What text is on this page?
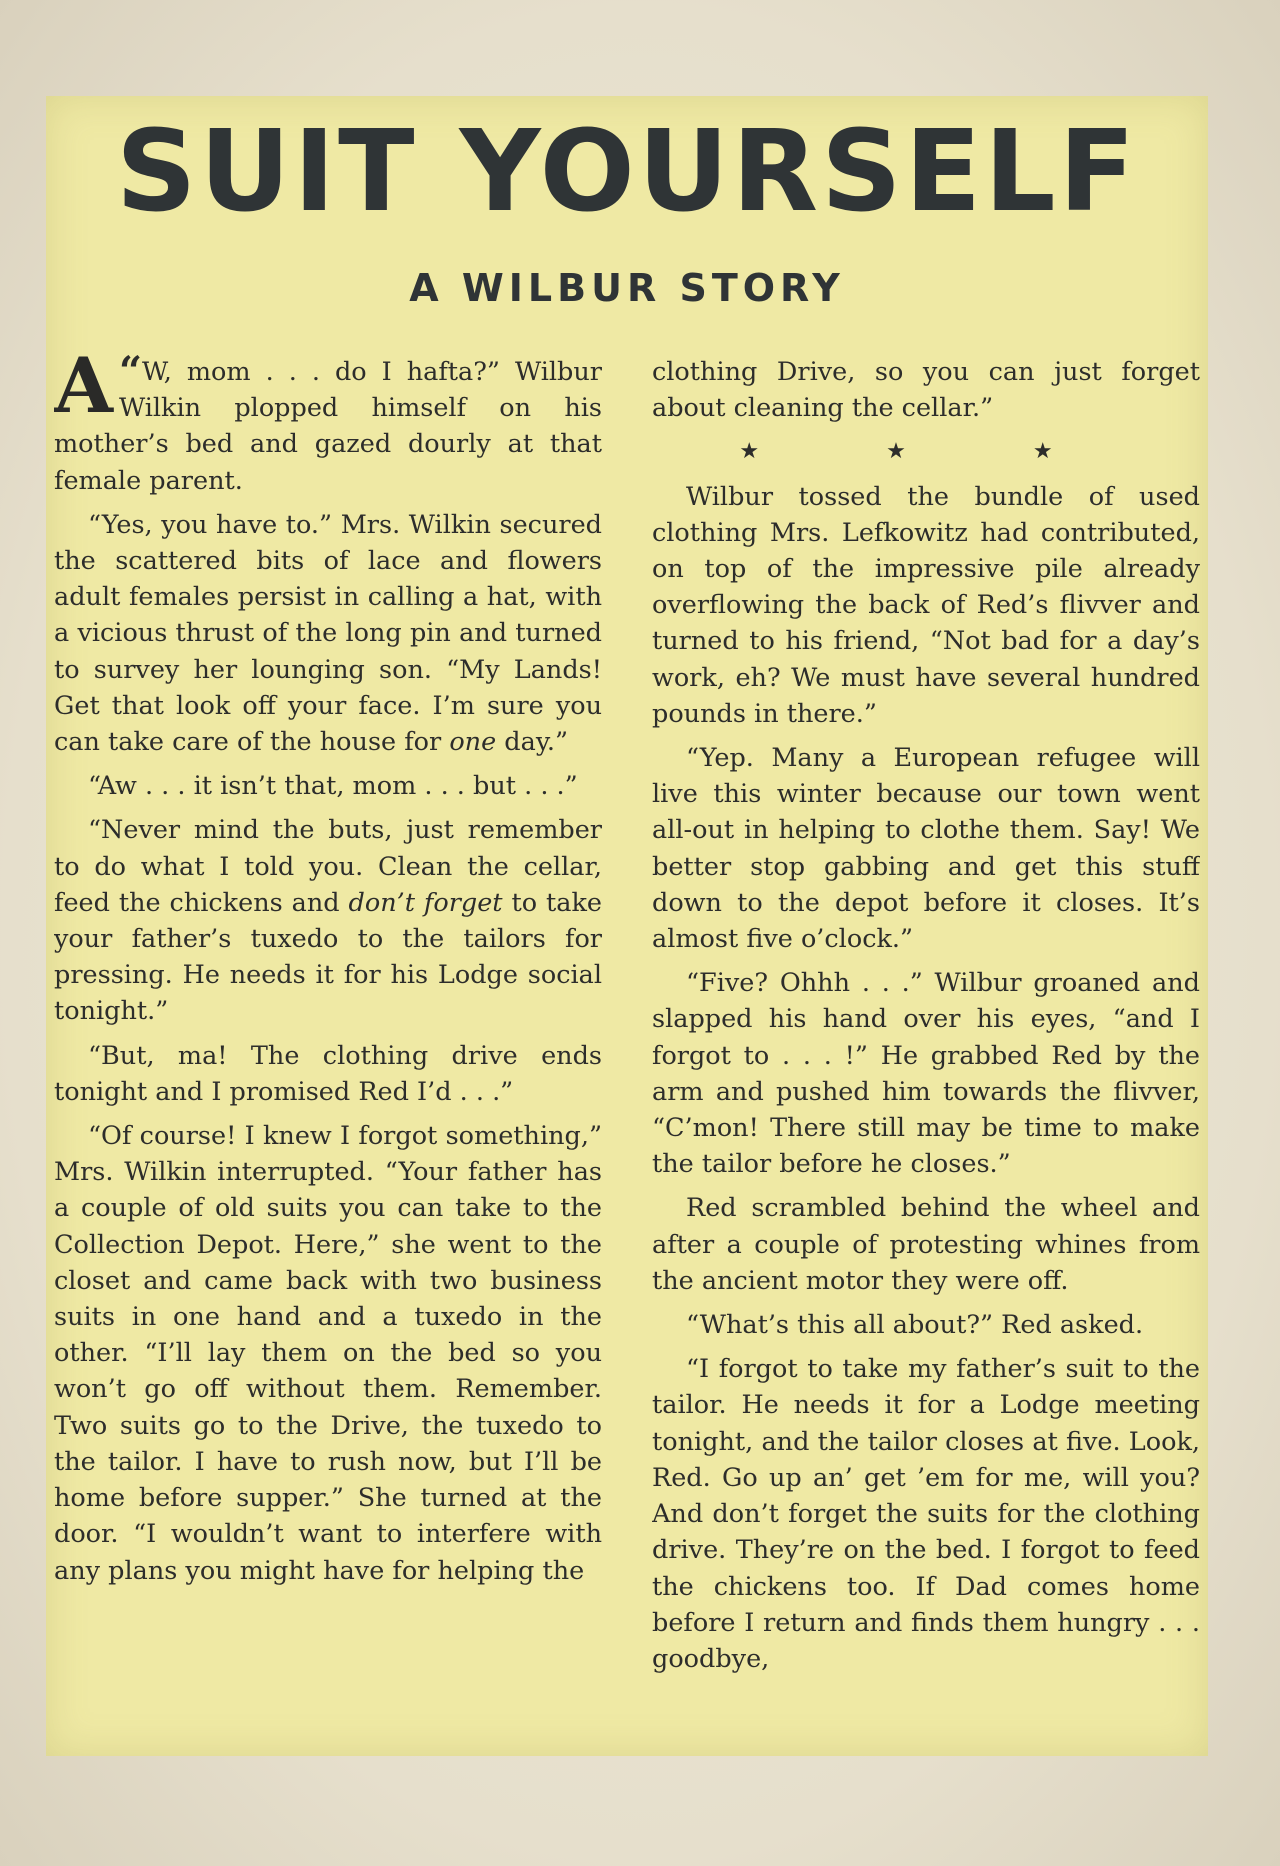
SUIT YOURSELF
A WILBUR STORY

“
A W, mom . . . do I hafta?” Wilbur Wilkin plopped himself on his mother’s bed and gazed dourly at that female parent.

“Yes, you have to.” Mrs. Wilkin secured the scattered bits of lace and flowers adult females persist in calling a hat, with a vicious thrust of the long pin and turned to survey her lounging son. “My Lands! Get that look off your face. I’m sure you can take care of the house for one day.”

“Aw . . . it isn’t that, mom . . . but . . .”

“Never mind the buts, just remember to do what I told you. Clean the cellar, feed the chickens and don’t forget to take your father’s tuxedo to the tailors for pressing. He needs it for his Lodge social tonight.”

“But, ma! The clothing drive ends tonight and I promised Red I’d . . .”

“Of course! I knew I forgot something,” Mrs. Wilkin interrupted. “Your father has a couple of old suits you can take to the Collection Depot. Here,” she went to the closet and came back with two business suits in one hand and a tuxedo in the other. “I’ll lay them on the bed so you won’t go off without them. Remember. Two suits go to the Drive, the tuxedo to the tailor. I have to rush now, but I’ll be home before supper.” She turned at the door. “I wouldn’t want to interfere with any plans you might have for helping the

clothing Drive, so you can just forget about cleaning the cellar.”

★ ★ ★

Wilbur tossed the bundle of used clothing Mrs. Lefkowitz had contributed, on top of the impressive pile already overflowing the back of Red’s flivver and turned to his friend, “Not bad for a day’s work, eh? We must have several hundred pounds in there.”

“Yep. Many a European refugee will live this winter because our town went all-out in helping to clothe them. Say! We better stop gabbing and get this stuff down to the depot before it closes. It’s almost five o’clock.”

“Five? Ohhh . . .” Wilbur groaned and slapped his hand over his eyes, “and I forgot to . . . !” He grabbed Red by the arm and pushed him towards the flivver, “C’mon! There still may be time to make the tailor before he closes.”

Red scrambled behind the wheel and after a couple of protesting whines from the ancient motor they were off.

“What’s this all about?” Red asked.

“I forgot to take my father’s suit to the tailor. He needs it for a Lodge meeting tonight, and the tailor closes at five. Look, Red. Go up an’ get ’em for me, will you? And don’t forget the suits for the clothing drive. They’re on the bed. I forgot to feed the chickens too. If Dad comes home before I return and finds them hungry . . . goodbye,
